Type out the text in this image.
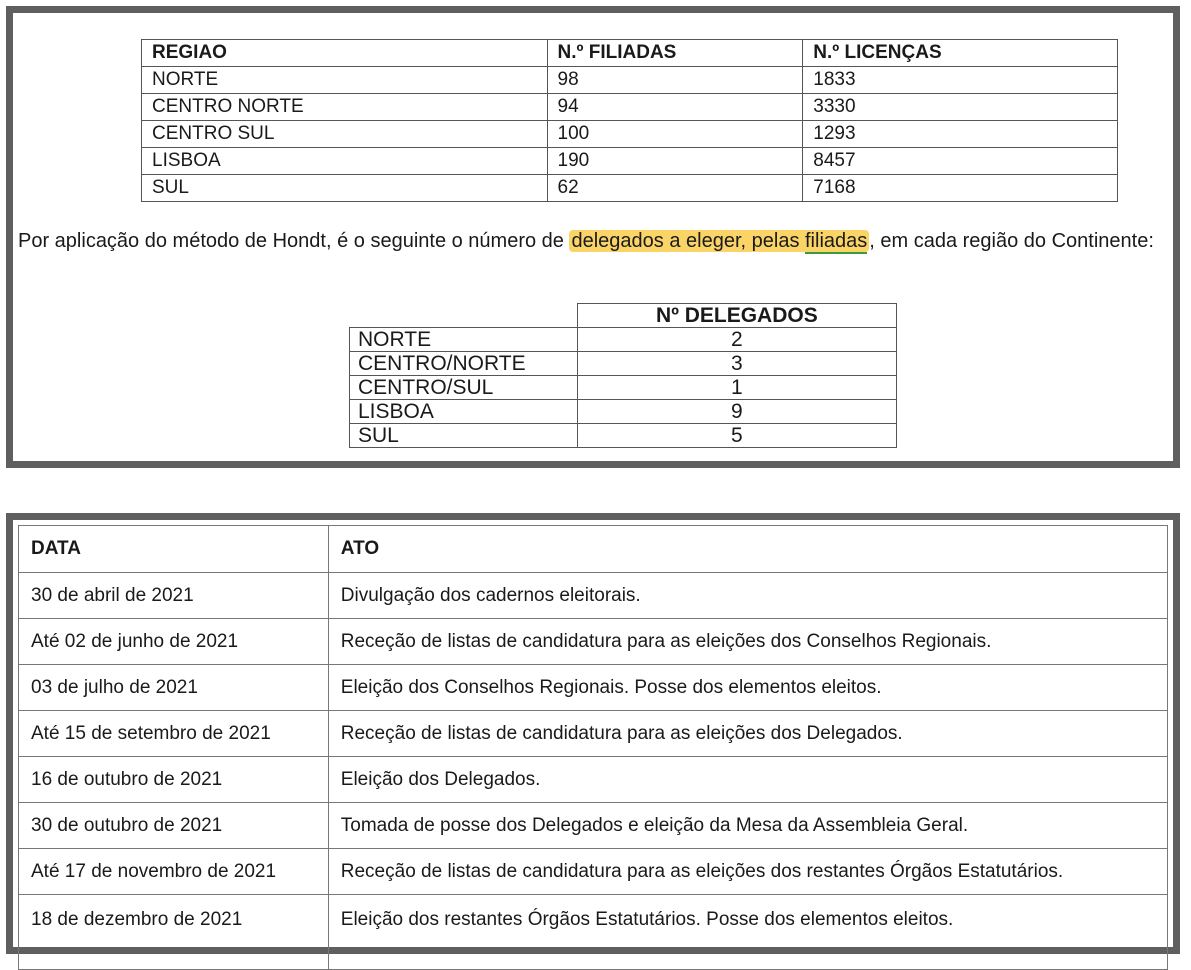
REGIAO	N.º FILIADAS	N.º LICENÇAS
NORTE	98	1833
CENTRO NORTE	94	3330
CENTRO SUL	100	1293
LISBOA	190	8457
SUL	62	7168

Por aplicação do método de Hondt, é o seguinte o número de delegados a eleger, pelas filiadas , em cada região do Continente:

	Nº DELEGADOS
NORTE	2
CENTRO/NORTE	3
CENTRO/SUL	1
LISBOA	9
SUL	5
DATA	ATO
30 de abril de 2021	Divulgação dos cadernos eleitorais.
Até 02 de junho de 2021	Receção de listas de candidatura para as eleições dos Conselhos Regionais.
03 de julho de 2021	Eleição dos Conselhos Regionais. Posse dos elementos eleitos.
Até 15 de setembro de 2021	Receção de listas de candidatura para as eleições dos Delegados.
16 de outubro de 2021	Eleição dos Delegados.
30 de outubro de 2021	Tomada de posse dos Delegados e eleição da Mesa da Assembleia Geral.
Até 17 de novembro de 2021	Receção de listas de candidatura para as eleições dos restantes Órgãos Estatutários.
18 de dezembro de 2021	Eleição dos restantes Órgãos Estatutários. Posse dos elementos eleitos.
